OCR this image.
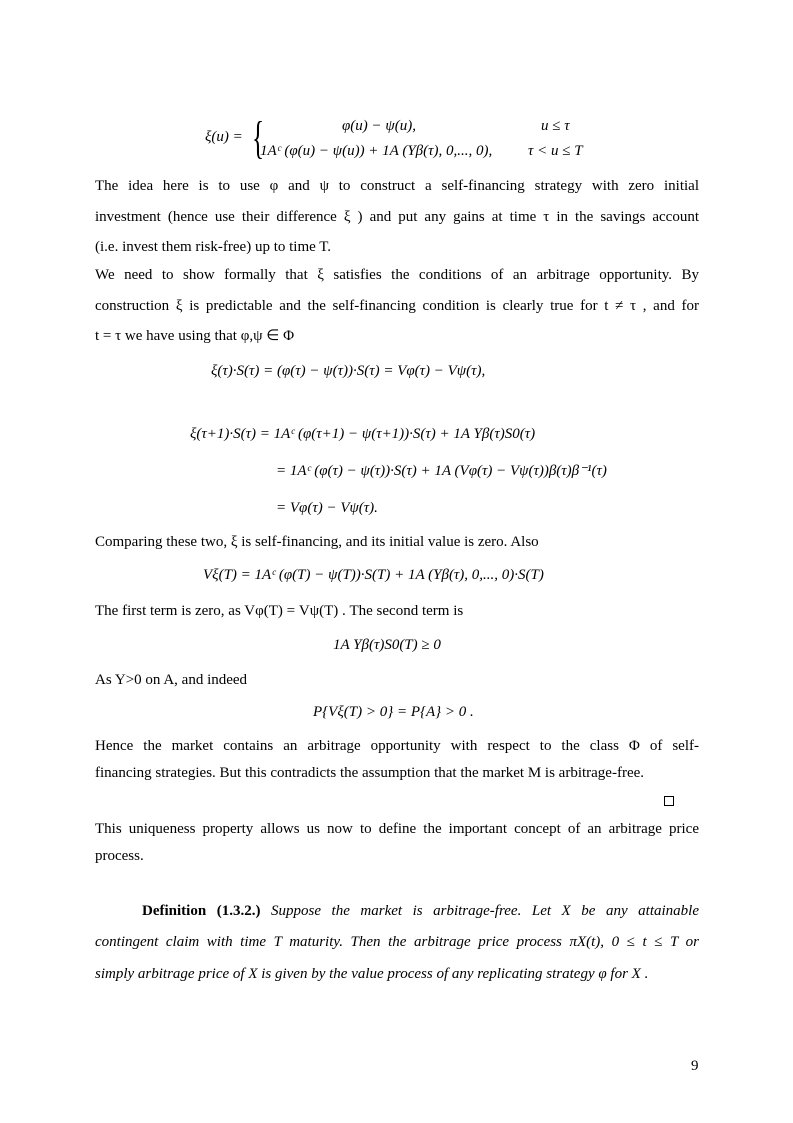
ξ(u) = {	φ(u) − ψ(u),	u ≤ τ
1Aᶜ (φ(u) − ψ(u)) + 1A (Yβ(τ), 0,..., 0), τ < u ≤ T
The idea here is to use φ and ψ to construct a self-financing strategy with zero initial
investment (hence use their difference ξ ) and put any gains at time τ in the savings account
(i.e. invest them risk-free) up to time T.
We need to show formally that ξ satisfies the conditions of an arbitrage opportunity. By
construction ξ is predictable and the self-financing condition is clearly true for t ≠ τ , and for
t = τ we have using that φ,ψ ∈ Φ
ξ(τ)·S(τ) = (φ(τ) − ψ(τ))·S(τ) = Vφ(τ) − Vψ(τ),
ξ(τ+1)·S(τ) = 1Aᶜ (φ(τ+1) − ψ(τ+1))·S(τ) + 1A Yβ(τ)S0(τ)
= 1Aᶜ (φ(τ) − ψ(τ))·S(τ) + 1A (Vφ(τ) − Vψ(τ))β(τ)β⁻¹(τ)
= Vφ(τ) − Vψ(τ).
Comparing these two, ξ is self-financing, and its initial value is zero. Also
Vξ(T) = 1Aᶜ (φ(T) − ψ(T))·S(T) + 1A (Yβ(τ), 0,..., 0)·S(T)
The first term is zero, as Vφ(T) = Vψ(T) . The second term is
1A Yβ(τ)S0(T) ≥ 0
As Y>0 on A, and indeed
P{Vξ(T) > 0} = P{A} > 0 .
Hence the market contains an arbitrage opportunity with respect to the class Φ of self-
financing strategies. But this contradicts the assumption that the market M is arbitrage-free.
This uniqueness property allows us now to define the important concept of an arbitrage price
process.
Definition (1.3.2.) Suppose the market is arbitrage-free. Let X be any attainable
contingent claim with time T maturity. Then the arbitrage price process πX(t), 0 ≤ t ≤ T or
simply arbitrage price of X is given by the value process of any replicating strategy φ for X .
9
